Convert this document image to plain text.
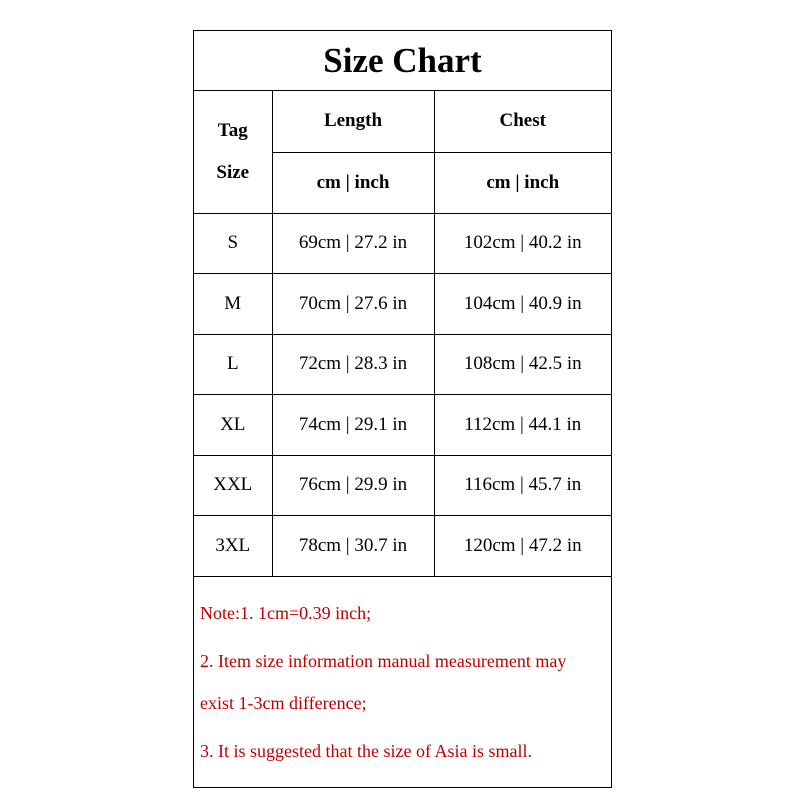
Size Chart
Tag
Size	Length	Chest
	cm | inch	cm | inch
S	69cm | 27.2 in	102cm | 40.2 in
M	70cm | 27.6 in	104cm | 40.9 in
L	72cm | 28.3 in	108cm | 42.5 in
XL	74cm | 29.1 in	112cm | 44.1 in
XXL	76cm | 29.9 in	116cm | 45.7 in
3XL	78cm | 30.7 in	120cm | 47.2 in
Note:1. 1cm=0.39 inch;
2. Item size information manual measurement may
exist 1-3cm difference;
3. It is suggested that the size of Asia is small.
